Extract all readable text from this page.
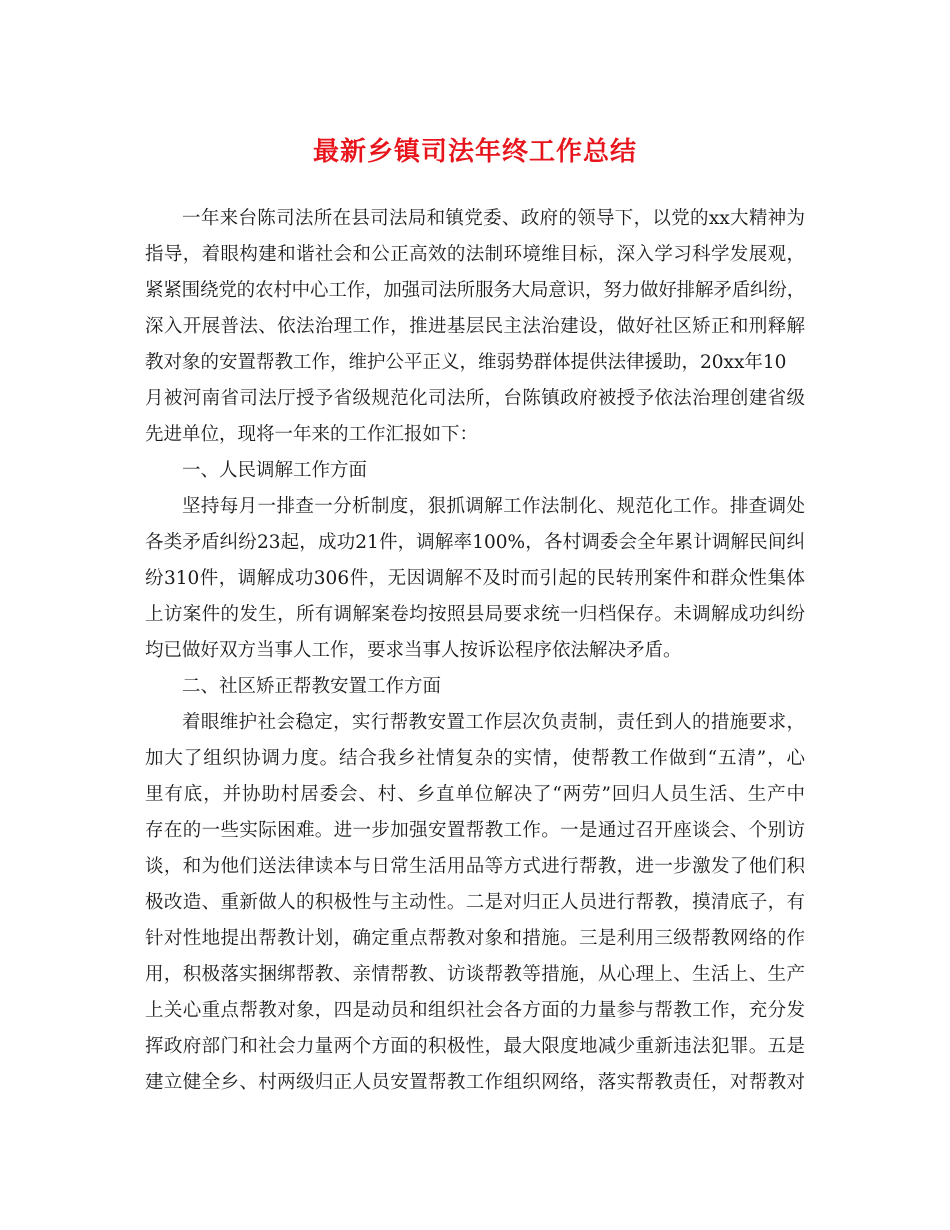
最新乡镇司法年终工作总结
一年来台陈司法所在县司法局和镇党委、政府的领导下，以党的xx大精神为
指导，着眼构建和谐社会和公正高效的法制环境维目标，深入学习科学发展观，
紧紧围绕党的农村中心工作，加强司法所服务大局意识，努力做好排解矛盾纠纷，
深入开展普法、依法治理工作，推进基层民主法治建设，做好社区矫正和刑释解
教对象的安置帮教工作，维护公平正义，维弱势群体提供法律援助，20xx年10
月被河南省司法厅授予省级规范化司法所，台陈镇政府被授予依法治理创建省级
先进单位，现将一年来的工作汇报如下：
一、人民调解工作方面
坚持每月一排查一分析制度，狠抓调解工作法制化、规范化工作。排查调处
各类矛盾纠纷23起，成功21件，调解率100%，各村调委会全年累计调解民间纠
纷310件，调解成功306件，无因调解不及时而引起的民转刑案件和群众性集体
上访案件的发生，所有调解案卷均按照县局要求统一归档保存。未调解成功纠纷
均已做好双方当事人工作，要求当事人按诉讼程序依法解决矛盾。
二、社区矫正帮教安置工作方面
着眼维护社会稳定，实行帮教安置工作层次负责制，责任到人的措施要求，
加大了组织协调力度。结合我乡社情复杂的实情，使帮教工作做到“五清”，心
里有底，并协助村居委会、村、乡直单位解决了“两劳”回归人员生活、生产中
存在的一些实际困难。进一步加强安置帮教工作。一是通过召开座谈会、个别访
谈，和为他们送法律读本与日常生活用品等方式进行帮教，进一步激发了他们积
极改造、重新做人的积极性与主动性。二是对归正人员进行帮教，摸清底子，有
针对性地提出帮教计划，确定重点帮教对象和措施。三是利用三级帮教网络的作
用，积极落实捆绑帮教、亲情帮教、访谈帮教等措施，从心理上、生活上、生产
上关心重点帮教对象，四是动员和组织社会各方面的力量参与帮教工作，充分发
挥政府部门和社会力量两个方面的积极性，最大限度地减少重新违法犯罪。五是
建立健全乡、村两级归正人员安置帮教工作组织网络，落实帮教责任，对帮教对
